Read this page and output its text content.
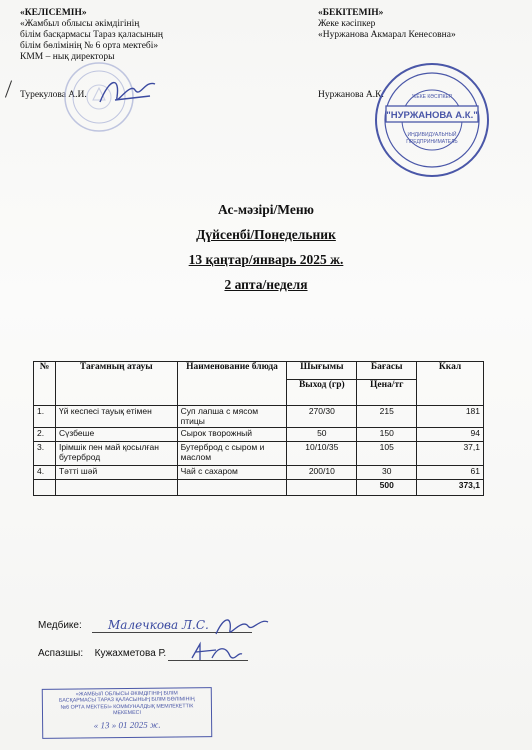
«КЕЛІСЕМІН»
«Жамбыл облысы әкімдігінің
білім басқармасы Тараз қаласының
білім бөлімінің № 6 орта мектебі»
КММ – нық директоры
Турекулова А.И.
«БЕКІТЕМІН»
Жеке кәсіпкер
«Нуржанова Акмарал Кенесовна»
Нуржанова А.К.
"НУРЖАНОВА А.К."
ИНДИВИДУАЛЬНЫЙ
ПРЕДПРИНИМАТЕЛЬ
ЖЕКЕ КӘСІПКЕР
Ас-мәзірі/Меню
Дүйсенбі/Понедельник
13 қаңтар/январь 2025 ж.
2 апта/неделя
№	Тағамның атауы	Наименование блюда	Шығымы	Бағасы	Ккал
			Выход (гр)	Цена/тг	
1.	Үй кеспесі тауық етімен	Суп лапша с мясом птицы	270/30	215	181
2.	Сүзбеше	Сырок творожный	50	150	94
3.	Ірімшік пен май қосылған бутерброд	Бутерброд с сыром и маслом	10/10/35	105	37,1
4.	Тәтті шәй	Чай с сахаром	200/10	30	61
				500	373,1
Медбике: Малечкова Л.С.
Аспазшы: Кужахметова Р.
«ЖАМБЫЛ ОБЛЫСЫ ӘКІМДІГІНІҢ БІЛІМ
БАСҚАРМАСЫ ТАРАЗ ҚАЛАСЫНЫҢ БІЛІМ БӨЛІМІНІҢ
№6 ОРТА МЕКТЕБІ» КОММУНАЛДЫҚ МЕМЛЕКЕТТІК
МЕКЕМЕСІ
« 13 » 01 2025 ж.
